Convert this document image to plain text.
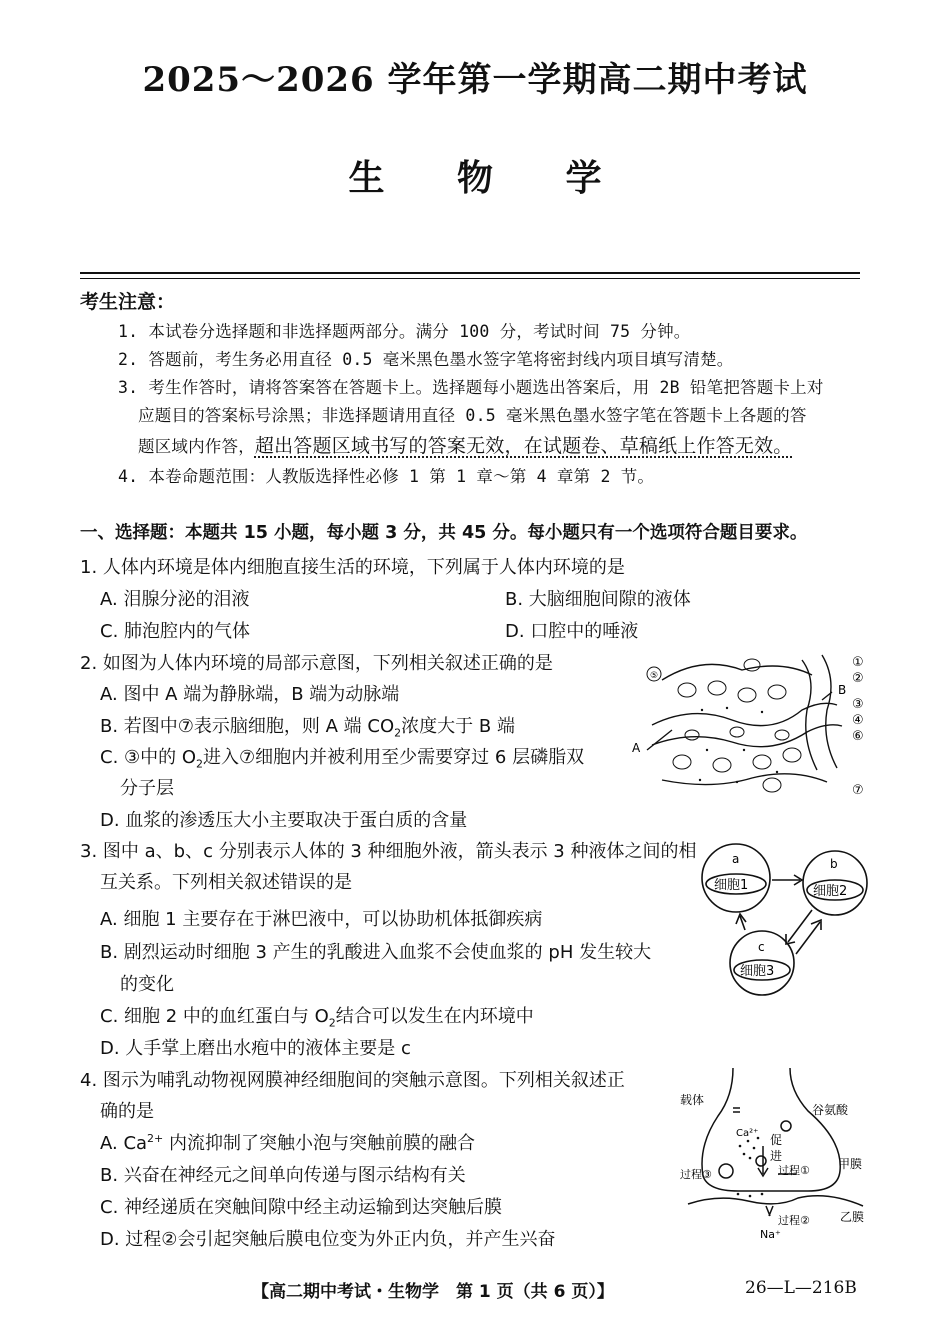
2025～2026 学年第一学期高二期中考试
生 物 学
考生注意：
1. 本试卷分选择题和非选择题两部分。满分 100 分，考试时间 75 分钟。
2. 答题前，考生务必用直径 0.5 毫米黑色墨水签字笔将密封线内项目填写清楚。
3. 考生作答时，请将答案答在答题卡上。选择题每小题选出答案后，用 2B 铅笔把答题卡上对
应题目的答案标号涂黑；非选择题请用直径 0.5 毫米黑色墨水签字笔在答题卡上各题的答
题区域内作答，超出答题区域书写的答案无效，在试题卷、草稿纸上作答无效。
4. 本卷命题范围：人教版选择性必修 1 第 1 章～第 4 章第 2 节。
一、选择题：本题共 15 小题，每小题 3 分，共 45 分。每小题只有一个选项符合题目要求。
1. 人体内环境是体内细胞直接生活的环境，下列属于人体内环境的是
A. 泪腺分泌的泪液	B. 大脑细胞间隙的液体
C. 肺泡腔内的气体	D. 口腔中的唾液
2. 如图为人体内环境的局部示意图，下列相关叙述正确的是
A. 图中 A 端为静脉端，B 端为动脉端
B. 若图中⑦表示脑细胞，则 A 端 $CO_2$浓度大于 B 端
C. ③中的 $O_2$进入⑦细胞内并被利用至少需要穿过 6 层磷脂双
分子层
D. 血浆的渗透压大小主要取决于蛋白质的含量
⑤
A
B
①
②
③
④
⑥
⑦
3. 图中 a、b、c 分别表示人体的 3 种细胞外液，箭头表示 3 种液体之间的相
互关系。下列相关叙述错误的是
A. 细胞 1 主要存在于淋巴液中，可以协助机体抵御疾病
B. 剧烈运动时细胞 3 产生的乳酸进入血浆不会使血浆的 pH 发生较大
的变化
C. 细胞 2 中的血红蛋白与 $O_2$结合可以发生在内环境中
D. 人手掌上磨出水疱中的液体主要是 c
a	b
c
细胞1	细胞2
细胞3
4. 图示为哺乳动物视网膜神经细胞间的突触示意图。下列相关叙述正
确的是
A. $Ca^{2+}$ 内流抑制了突触小泡与突触前膜的融合
B. 兴奋在神经元之间单向传递与图示结构有关
C. 神经递质在突触间隙中经主动运输到达突触后膜
D. 过程②会引起突触后膜电位变为外正内负，并产生兴奋
载体
Ca²⁺ 促
进
谷氨酸
过程③	过程① 甲膜
过程②	乙膜
Na⁺
【高二期中考试・生物学　第 1 页（共 6 页）】	26—L—216B
